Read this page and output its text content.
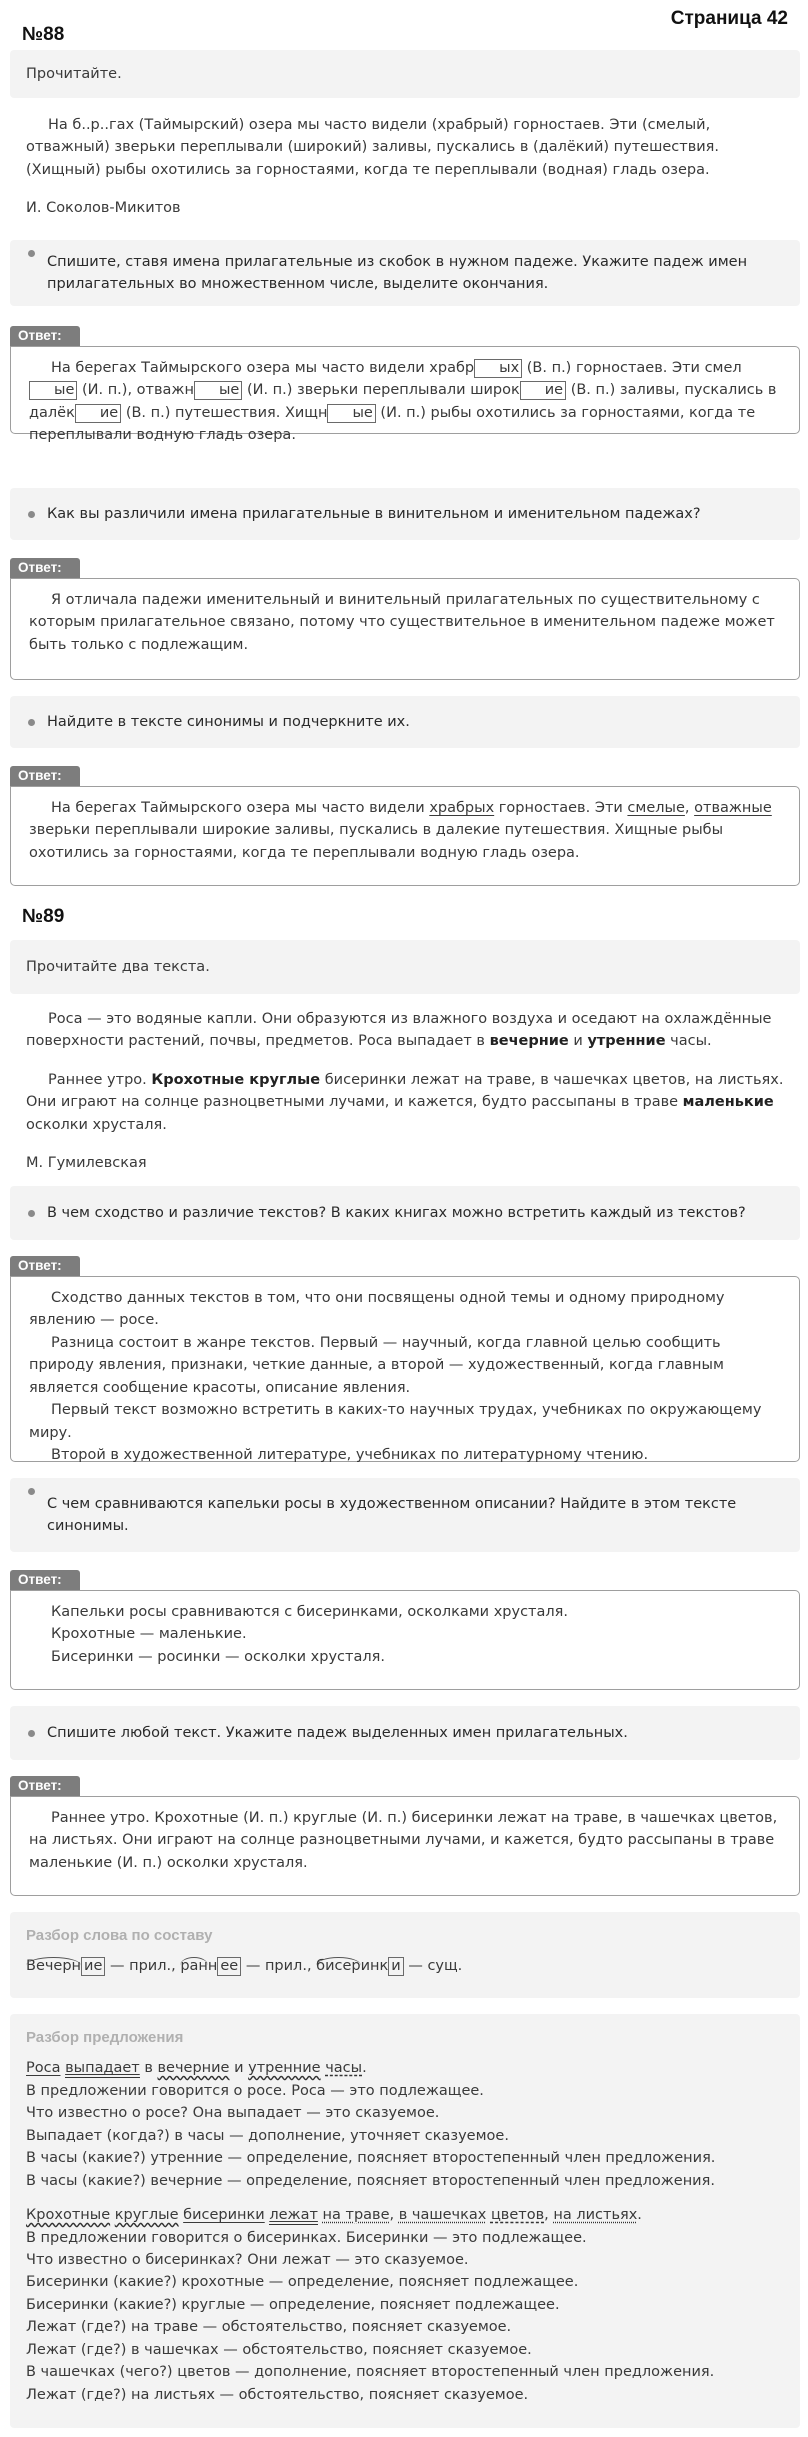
Страница 42
№88
Прочитайте.

На б..р..гах (Таймырский) озера мы часто видели (храбрый) горностаев. Эти (смелый, отважный) зверьки переплывали (широкий) заливы, пускались в (далёкий) путешествия. (Хищный) рыбы охотились за горностаями, когда те переплывали (водная) гладь озера.

И. Соколов-Микитов

Спишите, ставя имена прилагательные из скобок в нужном падеже. Укажите падеж имен прилагательных во множественном числе, выделите окончания.
Ответ:

На берегах Таймырского озера мы часто видели храбр ых (В. п.) горностаев. Эти смелые (И. п.), отважн ые (И. п.) зверьки переплывали широк ие (В. п.) заливы, пускались в далёк ие (В. п.) путешествия. Хищн ые (И. п.) рыбы охотились за горностаями, когда те переплывали водную гладь озера.

Как вы различили имена прилагательные в винительном и именительном падежах?
Ответ:

Я отличала падежи именительный и винительный прилагательных по существительному с которым прилагательное связано, потому что существительное в именительном падеже может быть только с подлежащим.

Найдите в тексте синонимы и подчеркните их.
Ответ:

На берегах Таймырского озера мы часто видели храбрых горностаев. Эти смелые, отважные зверьки переплывали широкие заливы, пускались в далекие путешествия. Хищные рыбы охотились за горностаями, когда те переплывали водную гладь озера.

№89
Прочитайте два текста.

Роса — это водяные капли. Они образуются из влажного воздуха и оседают на охлаждённые поверхности растений, почвы, предметов. Роса выпадает в вечерние и утренние часы.

Раннее утро. Крохотные круглые бисеринки лежат на траве, в чашечках цветов, на листьях. Они играют на солнце разноцветными лучами, и кажется, будто рассыпаны в траве маленькие осколки хрусталя.

М. Гумилевская

В чем сходство и различие текстов? В каких книгах можно встретить каждый из текстов?
Ответ:
Сходство данных текстов в том, что они посвящены одной темы и одному природному явлению — росе.
Разница состоит в жанре текстов. Первый — научный, когда главной целью сообщить природу явления, признаки, четкие данные, а второй — художественный, когда главным является сообщение красоты, описание явления.
Первый текст возможно встретить в каких-то научных трудах, учебниках по окружающему миру.
Второй в художественной литературе, учебниках по литературному чтению.
С чем сравниваются капельки росы в художественном описании? Найдите в этом тексте синонимы.
Ответ:
Капельки росы сравниваются с бисеринками, осколками хрусталя.
Крохотные — маленькие.
Бисеринки — росинки — осколки хрусталя.
Спишите любой текст. Укажите падеж выделенных имен прилагательных.
Ответ:

Раннее утро. Крохотные (И. п.) круглые (И. п.) бисеринки лежат на траве, в чашечках цветов, на листьях. Они играют на солнце разноцветными лучами, и кажется, будто рассыпаны в траве маленькие (И. п.) осколки хрусталя.

Разбор слова по составу
Вечерн ие — прил., ранн ее — прил., бисеринк и — сущ.
Разбор предложения
Роса выпадает в вечерние и утренние часы.
В предложении говорится о росе. Роса — это подлежащее.
Что известно о росе? Она выпадает — это сказуемое.
Выпадает (когда?) в часы — дополнение, уточняет сказуемое.
В часы (какие?) утренние — определение, поясняет второстепенный член предложения.
В часы (какие?) вечерние — определение, поясняет второстепенный член предложения.
Крохотные круглые бисеринки лежат на траве, в чашечках цветов, на листьях.
В предложении говорится о бисеринках. Бисеринки — это подлежащее.
Что известно о бисеринках? Они лежат — это сказуемое.
Бисеринки (какие?) крохотные — определение, поясняет подлежащее.
Бисеринки (какие?) круглые — определение, поясняет подлежащее.
Лежат (где?) на траве — обстоятельство, поясняет сказуемое.
Лежат (где?) в чашечках — обстоятельство, поясняет сказуемое.
В чашечках (чего?) цветов — дополнение, поясняет второстепенный член предложения.
Лежат (где?) на листьях — обстоятельство, поясняет сказуемое.
